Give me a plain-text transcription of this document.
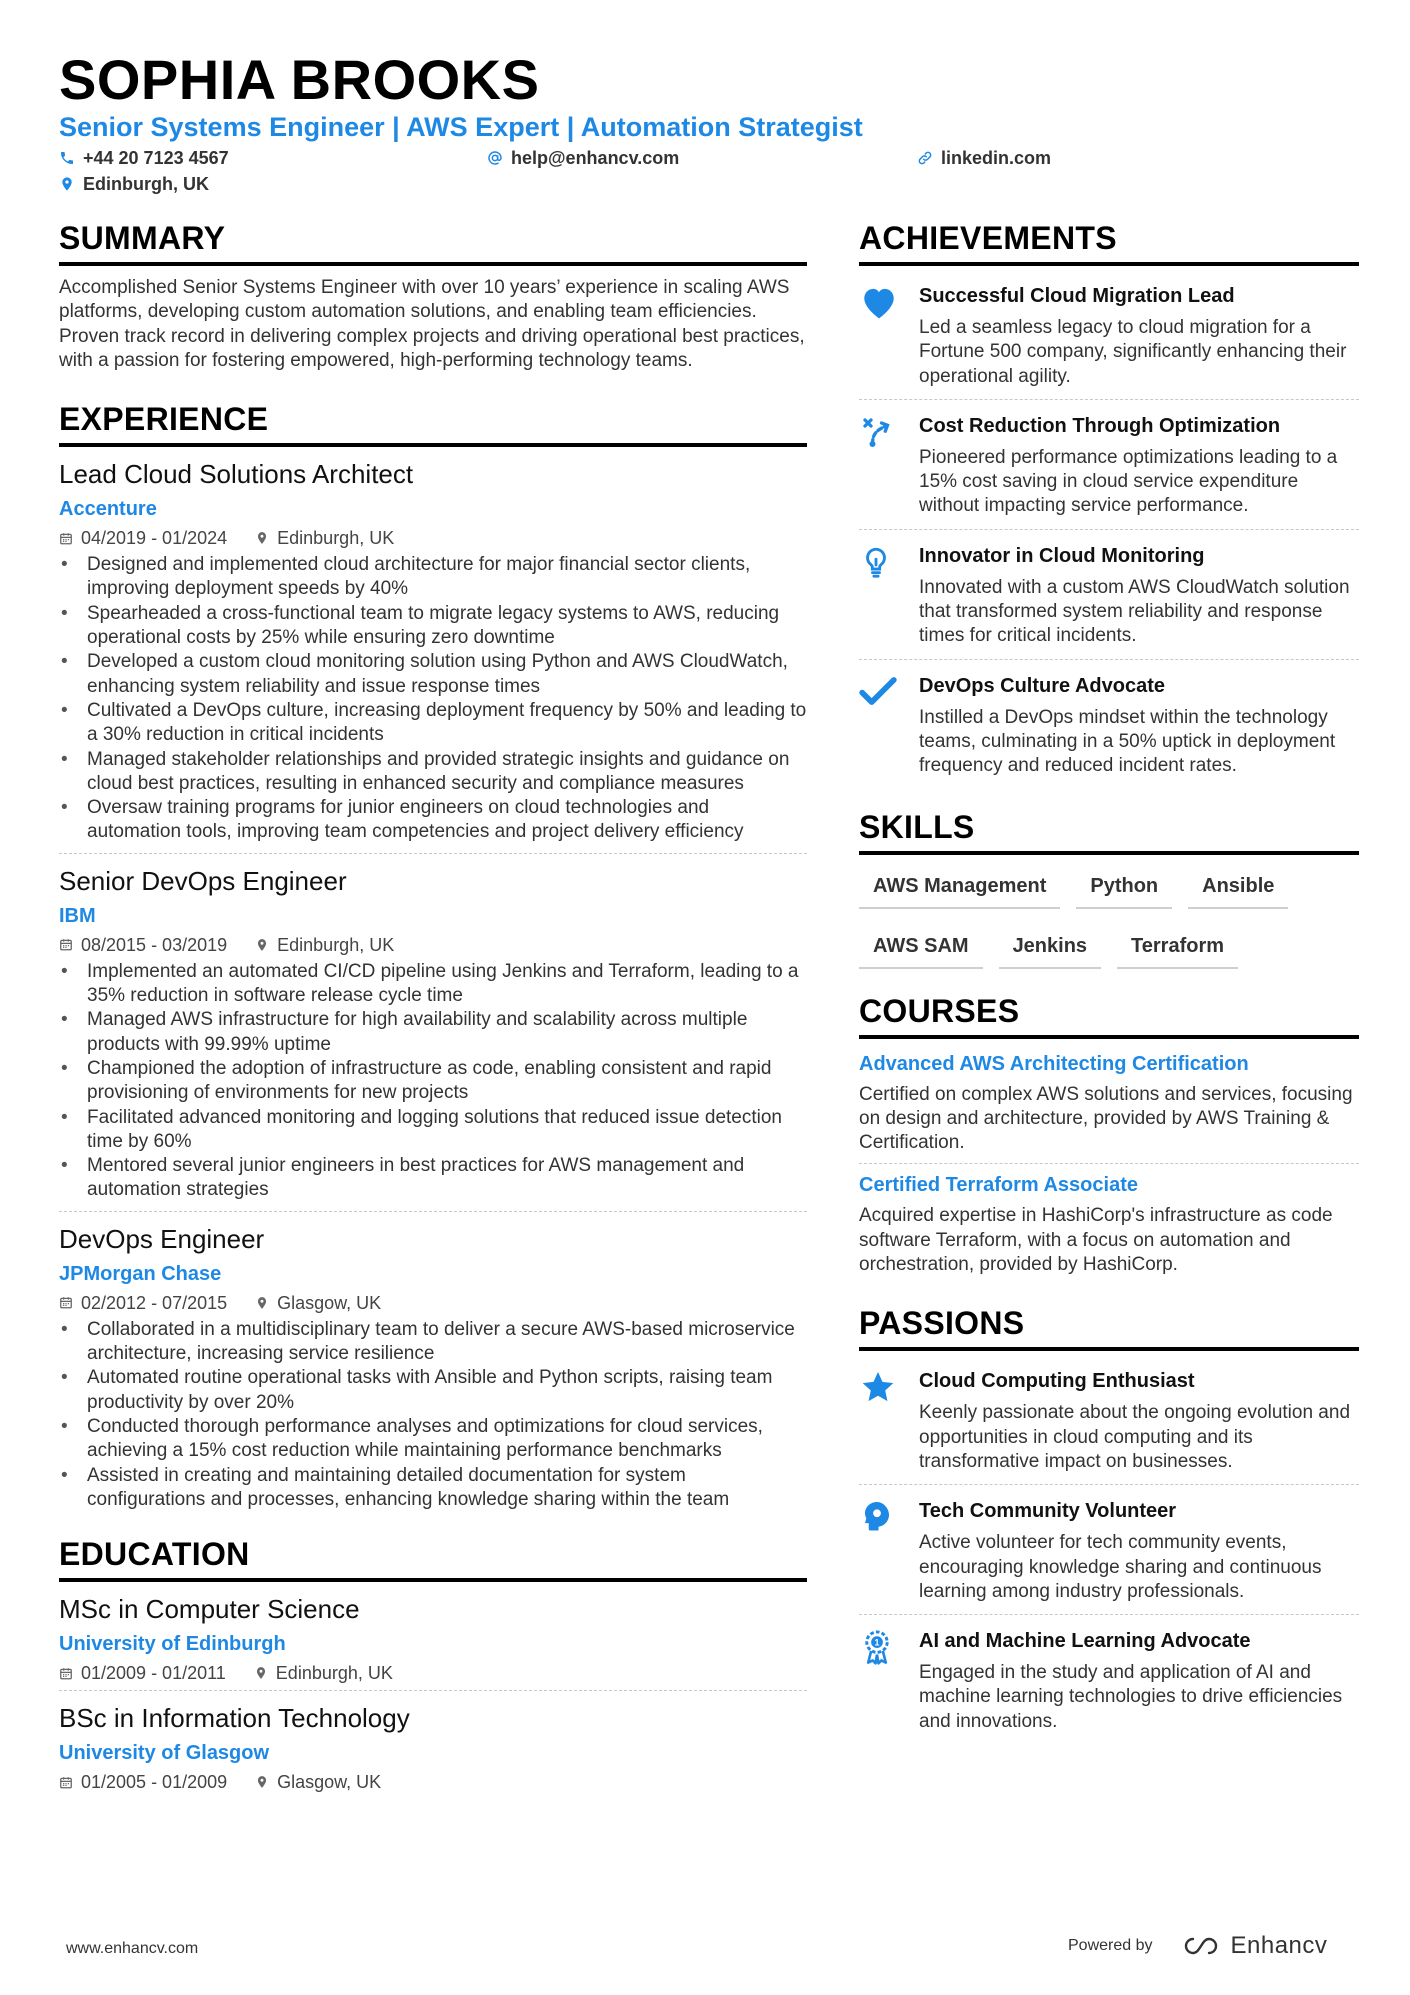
SOPHIA BROOKS
Senior Systems Engineer | AWS Expert | Automation Strategist
+44 20 7123 4567	help@enhancv.com	linkedin.com
Edinburgh, UK
SUMMARY
Accomplished Senior Systems Engineer with over 10 years’ experience in scaling AWS platforms, developing custom automation solutions, and enabling team efficiencies. Proven track record in delivering complex projects and driving operational best practices, with a passion for fostering empowered, high-performing technology teams.
EXPERIENCE
Lead Cloud Solutions Architect
Accenture
04/2019 - 01/2024	Edinburgh, UK
• Designed and implemented cloud architecture for major financial sector clients, improving deployment speeds by 40%
• Spearheaded a cross-functional team to migrate legacy systems to AWS, reducing operational costs by 25% while ensuring zero downtime
• Developed a custom cloud monitoring solution using Python and AWS CloudWatch, enhancing system reliability and issue response times
• Cultivated a DevOps culture, increasing deployment frequency by 50% and leading to a 30% reduction in critical incidents
• Managed stakeholder relationships and provided strategic insights and guidance on cloud best practices, resulting in enhanced security and compliance measures
• Oversaw training programs for junior engineers on cloud technologies and automation tools, improving team competencies and project delivery efficiency
Senior DevOps Engineer
IBM
08/2015 - 03/2019	Edinburgh, UK
• Implemented an automated CI/CD pipeline using Jenkins and Terraform, leading to a 35% reduction in software release cycle time
• Managed AWS infrastructure for high availability and scalability across multiple products with 99.99% uptime
• Championed the adoption of infrastructure as code, enabling consistent and rapid provisioning of environments for new projects
• Facilitated advanced monitoring and logging solutions that reduced issue detection time by 60%
• Mentored several junior engineers in best practices for AWS management and automation strategies
DevOps Engineer
JPMorgan Chase
02/2012 - 07/2015	Glasgow, UK
• Collaborated in a multidisciplinary team to deliver a secure AWS-based microservice architecture, increasing service resilience
• Automated routine operational tasks with Ansible and Python scripts, raising team productivity by over 20%
• Conducted thorough performance analyses and optimizations for cloud services, achieving a 15% cost reduction while maintaining performance benchmarks
• Assisted in creating and maintaining detailed documentation for system configurations and processes, enhancing knowledge sharing within the team
EDUCATION
MSc in Computer Science
University of Edinburgh
01/2009 - 01/2011	Edinburgh, UK
BSc in Information Technology
University of Glasgow
01/2005 - 01/2009	Glasgow, UK
ACHIEVEMENTS
Successful Cloud Migration Lead
Led a seamless legacy to cloud migration for a Fortune 500 company, significantly enhancing their operational agility.
Cost Reduction Through Optimization
Pioneered performance optimizations leading to a 15% cost saving in cloud service expenditure without impacting service performance.
Innovator in Cloud Monitoring
Innovated with a custom AWS CloudWatch solution that transformed system reliability and response times for critical incidents.
DevOps Culture Advocate
Instilled a DevOps mindset within the technology teams, culminating in a 50% uptick in deployment frequency and reduced incident rates.
SKILLS
AWS Management	Python	Ansible
AWS SAM	Jenkins	Terraform
COURSES
Advanced AWS Architecting Certification
Certified on complex AWS solutions and services, focusing on design and architecture, provided by AWS Training & Certification.
Certified Terraform Associate
Acquired expertise in HashiCorp's infrastructure as code software Terraform, with a focus on automation and orchestration, provided by HashiCorp.
PASSIONS
Cloud Computing Enthusiast
Keenly passionate about the ongoing evolution and opportunities in cloud computing and its transformative impact on businesses.
Tech Community Volunteer
Active volunteer for tech community events, encouraging knowledge sharing and continuous learning among industry professionals.
1 AI and Machine Learning Advocate
Engaged in the study and application of AI and machine learning technologies to drive efficiencies and innovations.
www.enhancv.com	Powered by	Enhancv
